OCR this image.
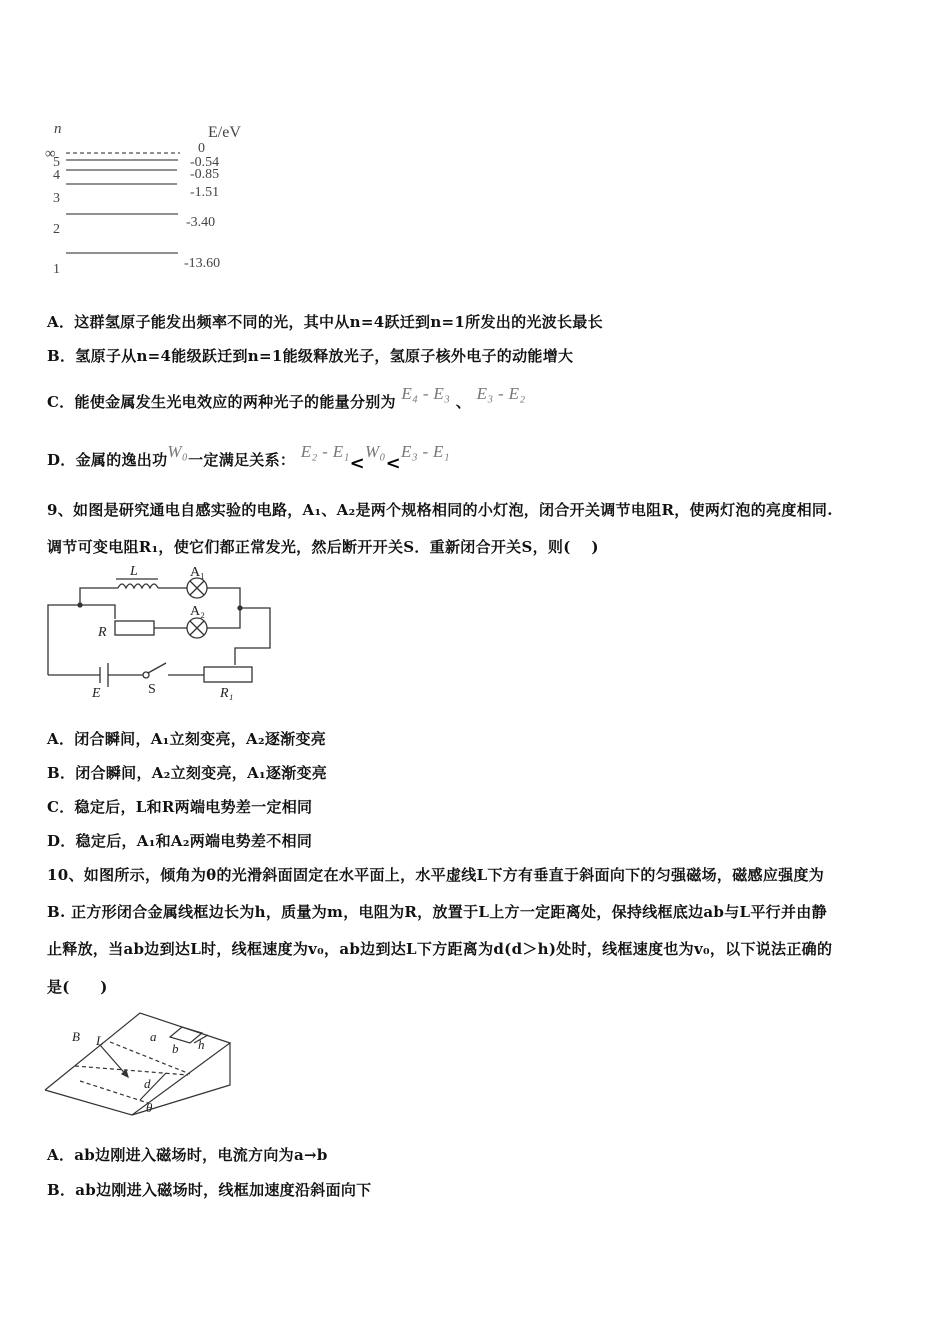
n	E/eV
∞
5
4
3
2
1
0
-0.54
-0.85
-1.51
-3.40
-13.60
A．这群氢原子能发出频率不同的光，其中从n=4跃迁到n=1所发出的光波长最长
B．氢原子从n=4能级跃迁到n=1能级释放光子，氢原子核外电子的动能增大
C．能使金属发生光电效应的两种光子的能量分别为 E₄ - E₃ 、 E₃ - E₂
D．金属的逸出功W₀一定满足关系： E₂ - E₁<W₀<E₃ - E₁
9、如图是研究通电自感实验的电路，A₁、A₂是两个规格相同的小灯泡，闭合开关调节电阻R，使两灯泡的亮度相同.
调节可变电阻R₁，使它们都正常发光，然后断开开关S．重新闭合开关S，则(　 )
L	A₁
A₂
R
E	S	R₁
A．闭合瞬间，A₁立刻变亮，A₂逐渐变亮
B．闭合瞬间，A₂立刻变亮，A₁逐渐变亮
C．稳定后，L和R两端电势差一定相同
D．稳定后，A₁和A₂两端电势差不相同
10、如图所示，倾角为θ的光滑斜面固定在水平面上，水平虚线L下方有垂直于斜面向下的匀强磁场，磁感应强度为
B. 正方形闭合金属线框边长为h，质量为m，电阻为R，放置于L上方一定距离处，保持线框底边ab与L平行并由静
止释放，当ab边到达L时，线框速度为v₀，ab边到达L下方距离为d(d＞h)处时，线框速度也为v₀，以下说法正确的
是(　　)
B L	a
b h
d
θ
A．ab边刚进入磁场时，电流方向为a→b
B．ab边刚进入磁场时，线框加速度沿斜面向下
